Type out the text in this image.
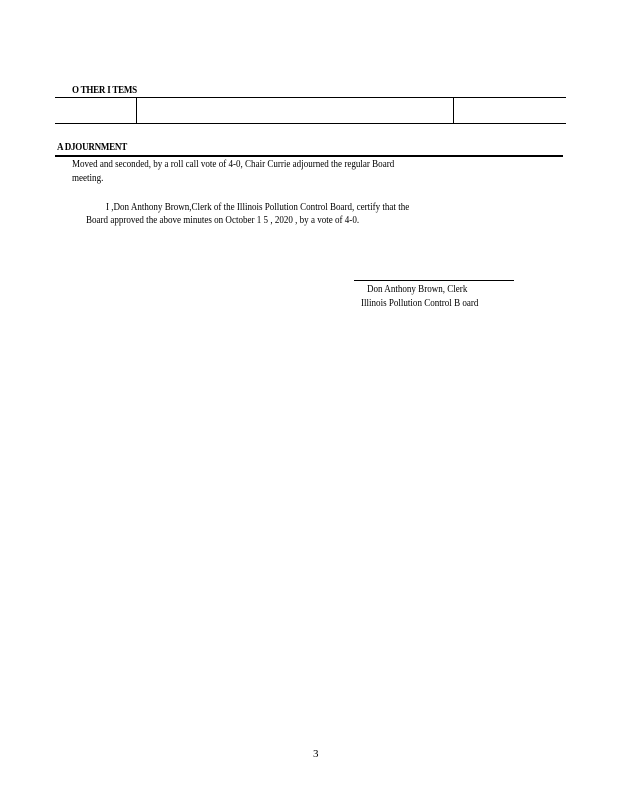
O THER I TEMS
A DJOURNMENT
Moved and seconded, by a roll call vote of 4-0, Chair Currie adjourned the regular Board
meeting.
I ,Don Anthony Brown,Clerk of the Illinois Pollution Control Board, certify that the
Board approved the above minutes on October 1 5 , 2020 , by a vote of 4-0.
Don Anthony Brown, Clerk
Illinois Pollution Control B oard
3
